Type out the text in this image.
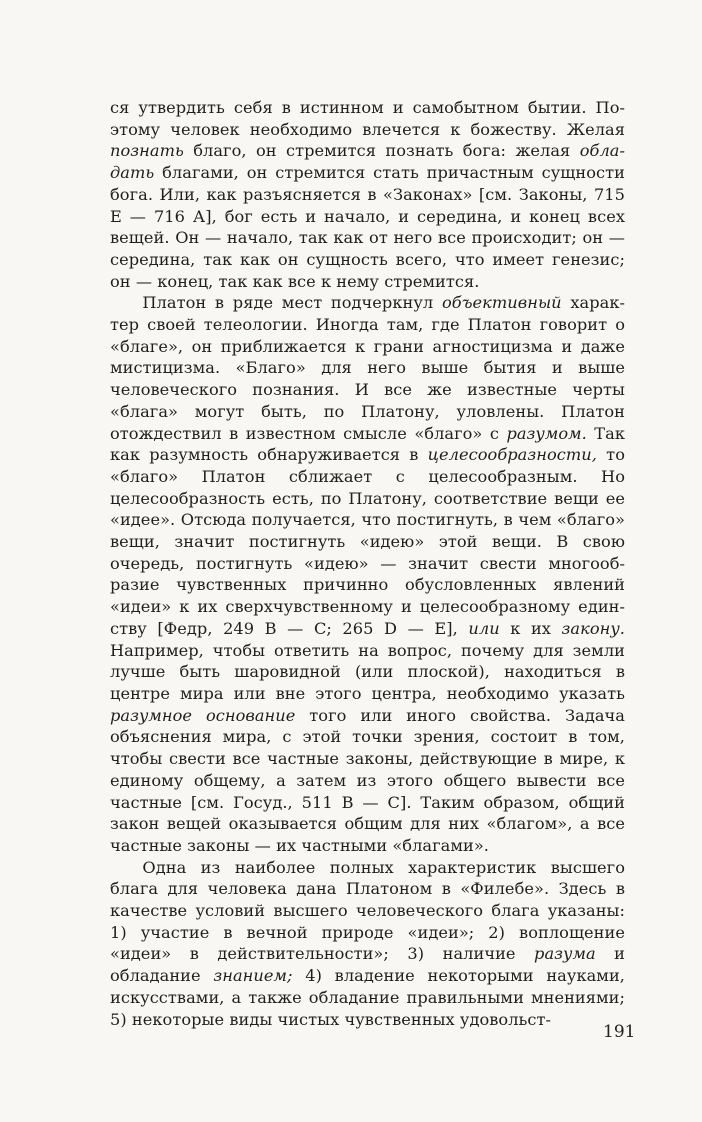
ся утвердить себя в истинном и самобытном бытии. Поэтому человек необходимо влечется к божеству. Желая познать благо, он стремится познать бога: желая обладать благами, он стремится стать причастным сущности бога. Или, как разъясняется в «Законах» [см. Законы, 715 Е — 716 А], бог есть и начало, и середина, и конец всех вещей. Он — начало, так как от него все происходит; он — середина, так как он сущность всего, что имеет генезис; он — конец, так как все к нему стремится.

Платон в ряде мест подчеркнул объективный характер своей телеологии. Иногда там, где Платон говорит о «благе», он приближается к грани агностицизма и даже мистицизма. «Благо» для него выше бытия и выше человеческого познания. И все же известные черты «блага» могут быть, по Платону, уловлены. Платон отождествил в известном смысле «благо» с разумом. Так как разумность обнаруживается в целесообразности, то «благо» Платон сближает с целесообразным. Но целесообразность есть, по Платону, соответствие вещи ее «идее». Отсюда получается, что постигнуть, в чем «благо» вещи, значит постигнуть «идею» этой вещи. В свою очередь, постигнуть «идею» — значит свести многообразие чувственных причинно обусловленных явлений «идеи» к их сверхчувственному и целесообразному единству [Федр, 249 В — С; 265 D — Е], или к их закону. Например, чтобы ответить на вопрос, почему для земли лучше быть шаровидной (или плоской), находиться в центре мира или вне этого центра, необходимо указать разумное основание того или иного свойства. Задача объяснения мира, с этой точки зрения, состоит в том, чтобы свести все частные законы, действующие в мире, к единому общему, а затем из этого общего вывести все частные [см. Госуд., 511 В — С]. Таким образом, общий закон вещей оказывается общим для них «благом», а все частные законы — их частными «благами».

Одна из наиболее полных характеристик высшего блага для человека дана Платоном в «Филебе». Здесь в качестве условий высшего человеческого блага указаны: 1) участие в вечной природе «идеи»; 2) воплощение «идеи» в действительности»; 3) наличие разума и обладание знанием; 4) владение некоторыми науками, искусствами, а также обладание правильными мнениями; 5) некоторые виды чистых чувственных удовольст-

191
